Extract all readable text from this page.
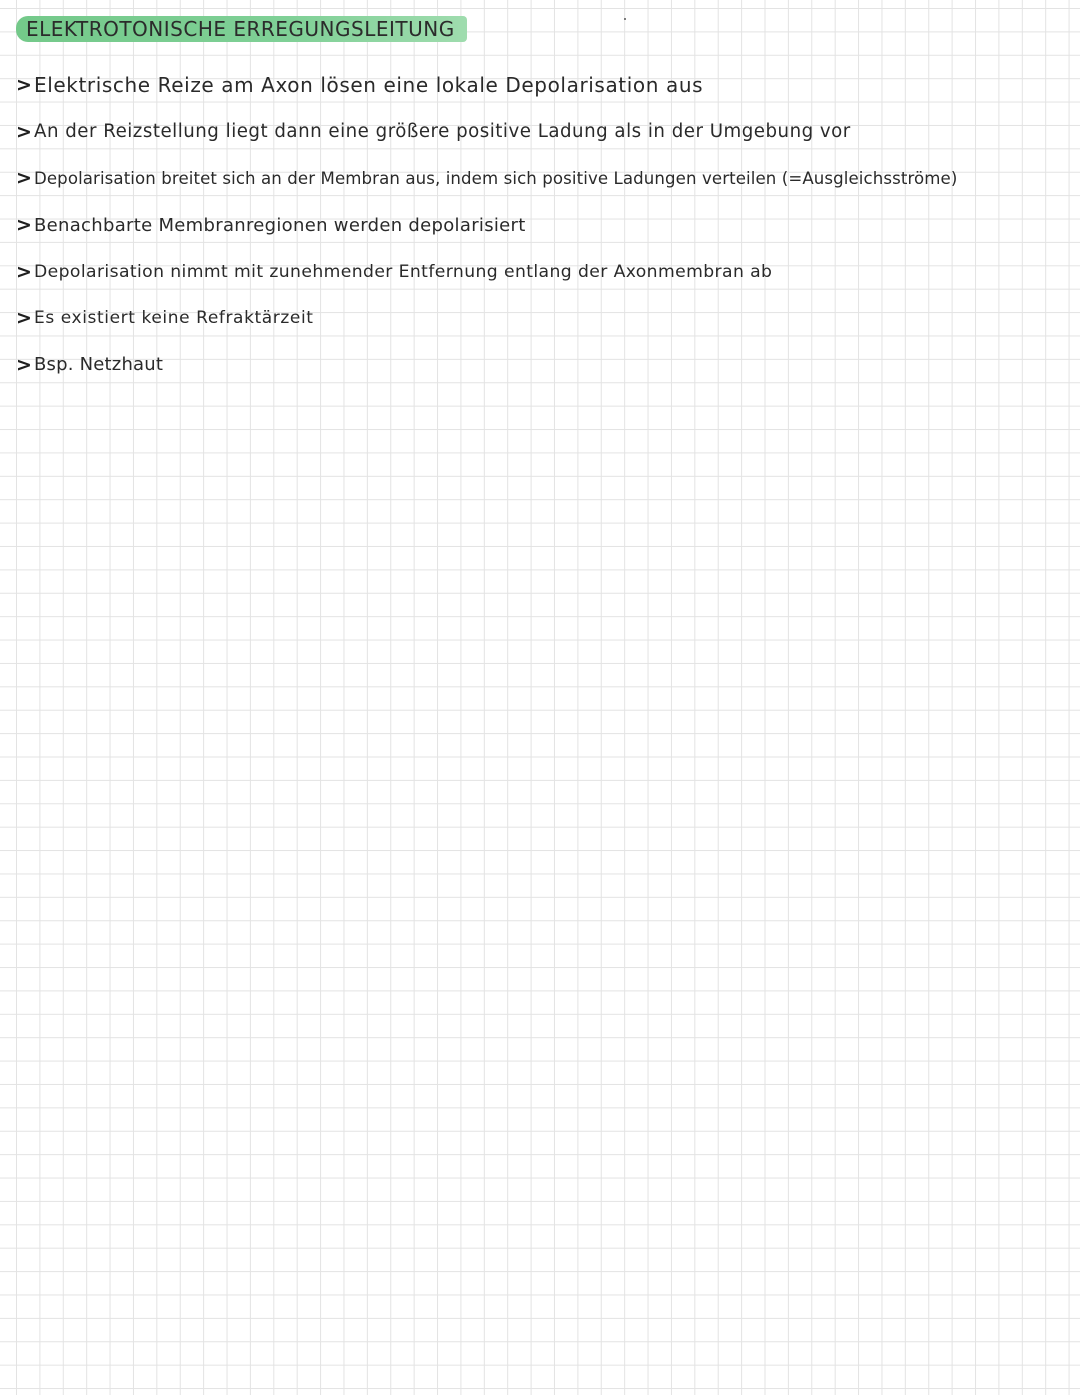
ELEKTROTONISCHE ERREGUNGSLEITUNG
> Elektrische Reize am Axon lösen eine lokale Depolarisation aus
> An der Reizstellung liegt dann eine größere positive Ladung als in der Umgebung vor
> Depolarisation breitet sich an der Membran aus, indem sich positive Ladungen verteilen (=Ausgleichsströme)
> Benachbarte Membranregionen werden depolarisiert
> Depolarisation nimmt mit zunehmender Entfernung entlang der Axonmembran ab
> Es existiert keine Refraktärzeit
> Bsp. Netzhaut
